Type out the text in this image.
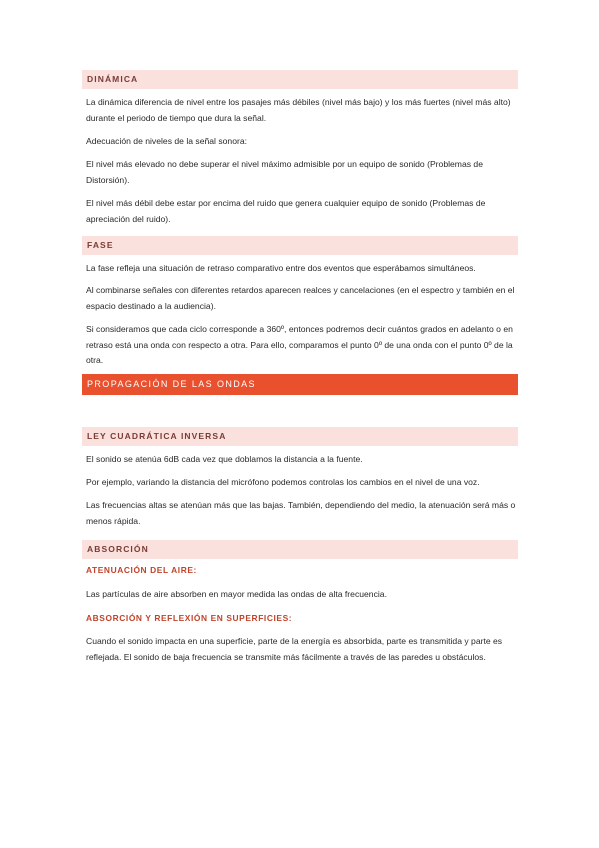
DINÁMICA
La dinámica diferencia de nivel entre los pasajes más débiles (nivel más bajo) y los más fuertes (nivel más alto) durante el periodo de tiempo que dura la señal.
Adecuación de niveles de la señal sonora:
El nivel más elevado no debe superar el nivel máximo admisible por un equipo de sonido (Problemas de Distorsión).
El nivel más débil debe estar por encima del ruido que genera cualquier equipo de sonido (Problemas de apreciación del ruido).
FASE
La fase refleja una situación de retraso comparativo entre dos eventos que esperábamos simultáneos.
Al combinarse señales con diferentes retardos aparecen realces y cancelaciones (en el espectro y también en el espacio destinado a la audiencia).
Si consideramos que cada ciclo corresponde a 360º, entonces podremos decir cuántos grados en adelanto o en retraso está una onda con respecto a otra. Para ello, comparamos el punto 0º de una onda con el punto 0º de la otra.
PROPAGACIÓN DE LAS ONDAS
LEY CUADRÁTICA INVERSA
El sonido se atenúa 6dB cada vez que doblamos la distancia a la fuente.
Por ejemplo, variando la distancia del micrófono podemos controlas los cambios en el nivel de una voz.
Las frecuencias altas se atenúan más que las bajas. También, dependiendo del medio, la atenuación será más o menos rápida.
ABSORCIÓN
ATENUACIÓN DEL AIRE:
Las partículas de aire absorben en mayor medida las ondas de alta frecuencia.
ABSORCIÓN Y REFLEXIÓN EN SUPERFICIES:
Cuando el sonido impacta en una superficie, parte de la energía es absorbida, parte es transmitida y parte es reflejada. El sonido de baja frecuencia se transmite más fácilmente a través de las paredes u obstáculos.
